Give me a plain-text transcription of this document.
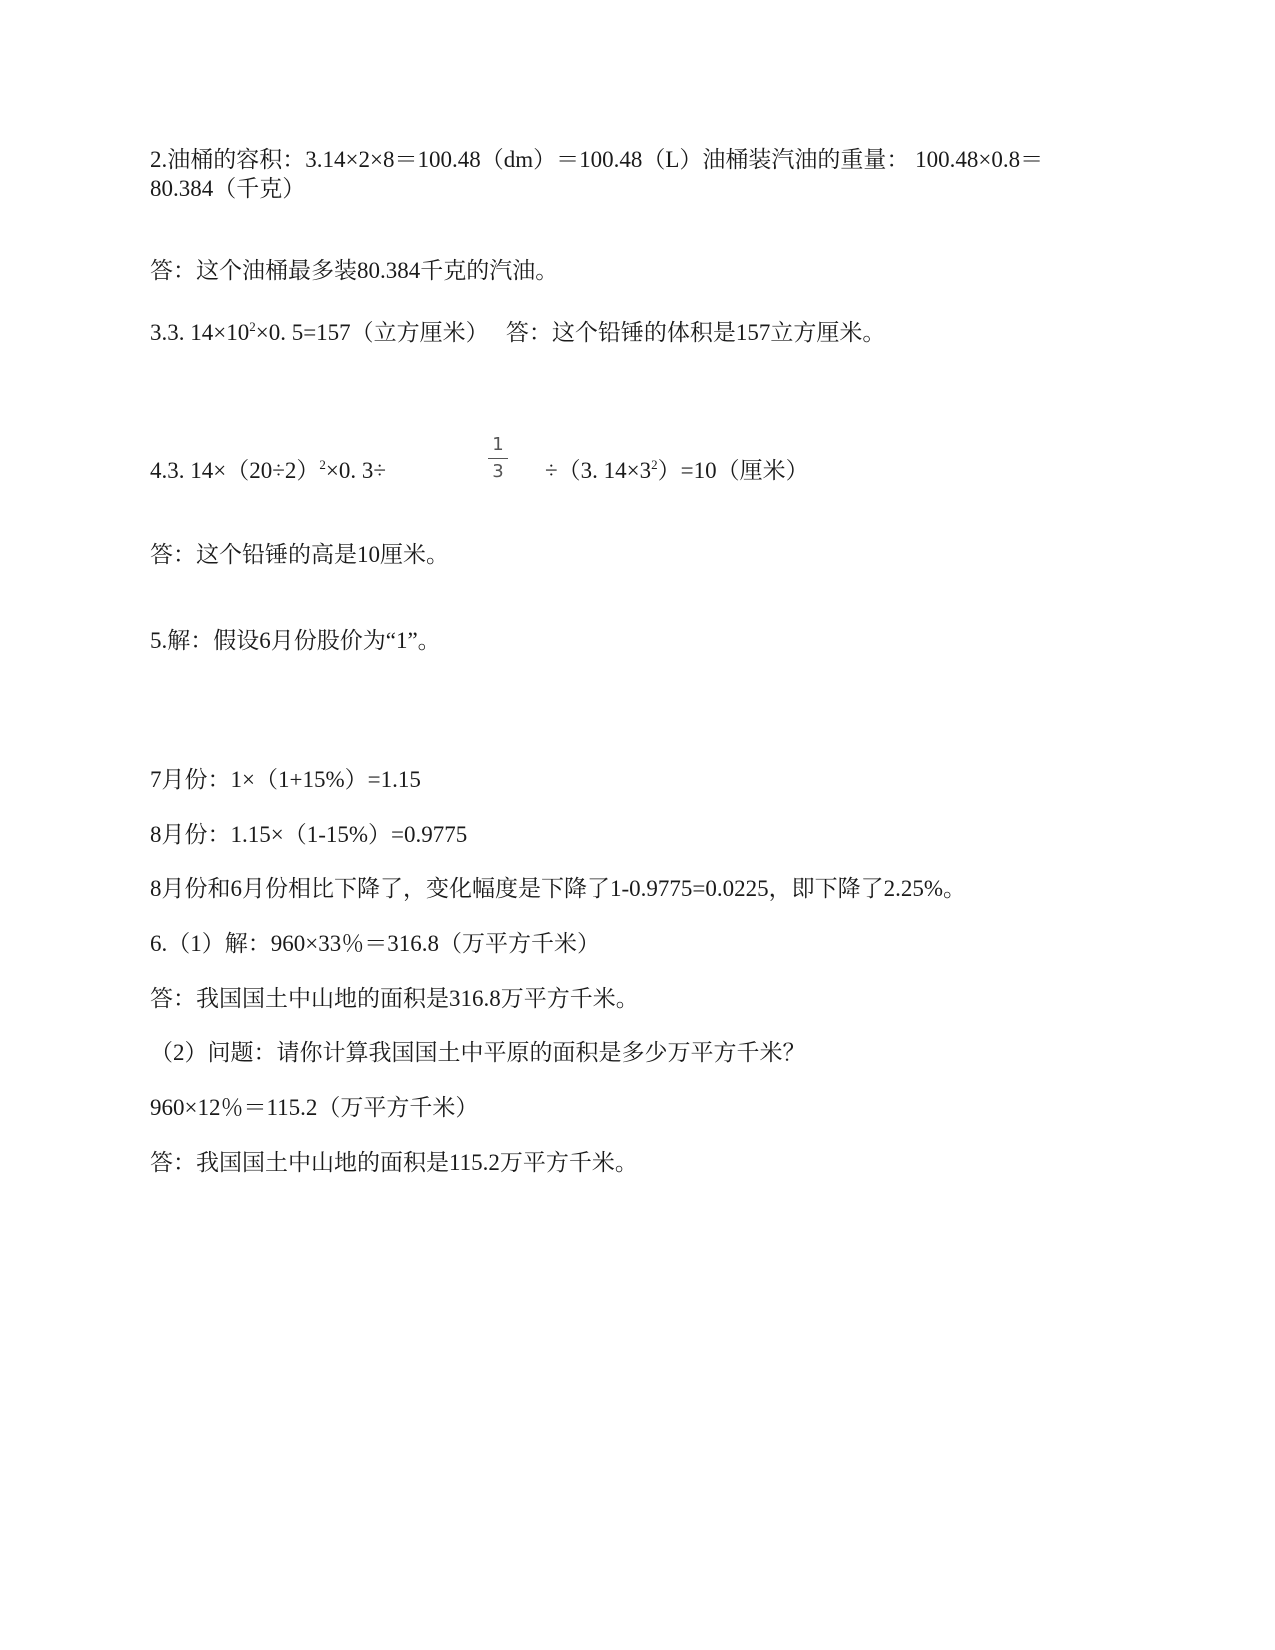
2.油桶的容积：3.14×2×8＝100.48（dm）＝100.48（L）油桶装汽油的重量： 100.48×0.8＝
80.384（千克）
答：这个油桶最多装80.384千克的汽油。
3.3. $14\times 10^2\times 0$. 5=157（立方厘米）　 答：这个铅锤的体积是157立方厘米。
1
3
4.3. $14\times(20\div 2)^2\times 0$. 3÷	÷（3. $14\times 3^2)=10$（厘米）
答：这个铅锤的高是10厘米。
5.解：假设6月份股价为“1”。
7月份：1×（1+15%）=1.15
8月份：1.15×（1-15%）=0.9775
8月份和6月份相比下降了，变化幅度是下降了1-0.9775=0.0225，即下降了2.25%。
6.（1）解：960×33％＝316.8（万平方千米）
答：我国国土中山地的面积是316.8万平方千米。
（2）问题：请你计算我国国土中平原的面积是多少万平方千米？
960×12％＝115.2（万平方千米）
答：我国国土中山地的面积是115.2万平方千米。
